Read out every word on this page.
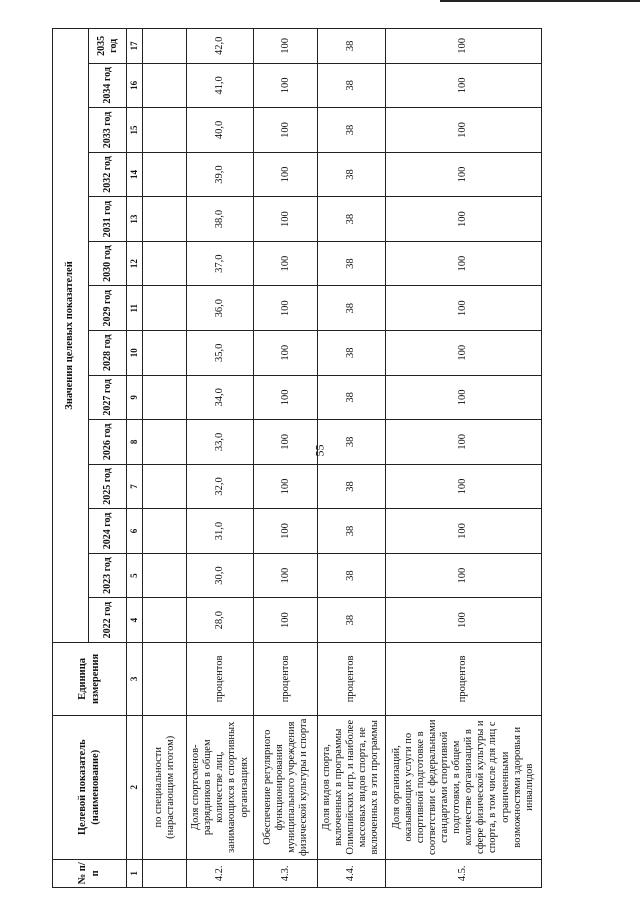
55
№ п/п	Целевой показатель (наименование)	Единица измерения	Значения целевых показателей													
			2022 год	2023 год	2024 год	2025 год	2026 год	2027 год	2028 год	2029 год	2030 год	2031 год	2032 год	2033 год	2034 год	2035 год
1	2	3	4	5	6	7	8	9	10	11	12	13	14	15	16	17
	по специальности (нарастающим итогом)															
4.2.	Доля спортсменов-разрядников в общем количестве лиц, занимающихся в спортивных организациях	процентов	28,0	30,0	31,0	32,0	33,0	34,0	35,0	36,0	37,0	38,0	39,0	40,0	41,0	42,0
4.3.	Обеспечение регулярного функционирования муниципального учреждения физической культуры и спорта	процентов	100	100	100	100	100	100	100	100	100	100	100	100	100	100
4.4.	Доля видов спорта, включенных в программы Олимпийских игр, и наиболее массовых видов спорта, не включенных в эти программы	процентов	38	38	38	38	38	38	38	38	38	38	38	38	38	38
4.5.	Доля организаций, оказывающих услуги по спортивной подготовке в соответствии с федеральными стандартами спортивной подготовки, в общем количестве организаций в сфере физической культуры и спорта, в том числе для лиц с ограниченными возможностями здоровья и инвалидов	процентов	100	100	100	100	100	100	100	100	100	100	100	100	100	100
